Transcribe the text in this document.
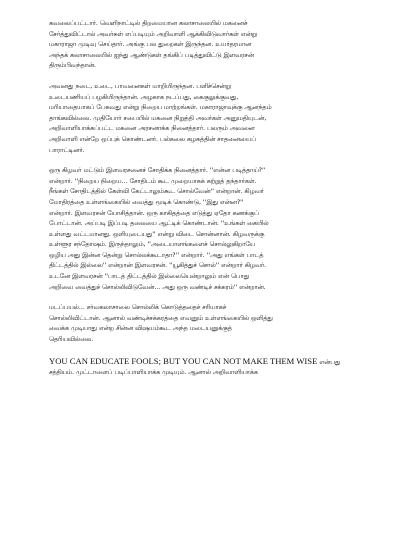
கவலைப்பட்டார். வெளிநாட்டில் திறமையான கலாசாலையில் மகனைச்
சேர்த்துவிட்டால் அவர்கள் எப்படியும் அறிவாளி ஆக்கிவிடுவார்கள் என்று
மகாராஜா முடிவு செய்தார். அங்கு பல துறைகள் இருந்தன. உயர்தரமான
அந்தக் கலாசாலையில் ஐந்து ஆண்டுகள் தங்கிப் படித்துவிட்டு இளவரசன்
திரும்பிவந்தான்.

அவனது நடை, உடை, பாவனைகள் மாறியிருந்தன. பளிச்சென்று
உடையணியப் பழகியிருந்தான். அழகாக நடப்பது, கைகுலுக்குவது,
மரியாதையாகப் பேசுவது என்று நிறைய மாற்றங்கள். மகாராஜாவுக்கு ஆனந்தம்
தாங்கவில்லை. முதியோர் சபையில் மகனை நிறுத்தி அவர்கள் அனுமதியுடன்,
அறிவாளியாக்கப்பட்ட மகனை அரசனாக்க நினைத்தார். பலரும் அவனை
அறிவாளி என்றே ஒப்புக் கொண்டனர். பல்கலை கழகத்தின் சாதனையைப்
பாராட்டினர்.

ஒரு கிழவர் மட்டும் இளவரசனைச் சோதிக்க நினைத்தார். ''என்ன படித்தாய்?''
என்றார். ''நிறைய நிறைய... சோதிடம் கூட முறையாகக் கற்றுத் தந்தார்கள்.
நீங்கள் சோதிடத்தில் கேள்வி கேட்டாலும்கூட சொல்வேன்'' என்றான். கிழவர்
மோதிரத்தை உள்ளங்கையில் வைத்து மூடிக் கொண்டு, ''இது என்ன?''
என்றார். இளவரசன் யோசித்தான். ஒரு காகிதத்தை எடுத்து ஏதோ கணக்குப்
போட்டான். அப்படி இப்படி தலையை ஆட்டிக் கொண்டான். ''உங்கள் கையில்
உள்ளது வட்டமானது. ஒளியுடையது'' என்று விடை சொன்னான். கிழவருக்கு
உள்ளூர சந்தோஷம். இருந்தாலும், ''அடையாளங்களைச் சொல்லுகிறாயே
ஒழிய அது இன்ன தென்று சொல்லக்கூடாதா?'' என்றார். ''அது எங்கள் பாடத்
திட்டத்தில் இல்லை'' என்றான் இளவரசன். ''யூகித்துச் சொல்'' என்றார் கிழவர்.
உடனே இளவரசன் ''பாடத் திட்டத்தில் இல்லையென்றாலும் என் பொது
அறிவை வைத்துச் சொல்லிவிடுவேன்... அது ஒரு வண்டிச் சக்கரம்'' என்றான்.

மடப்பயல்... சர்வகலாசாலை சொல்லிக் கொடுத்ததைச் சரியாகச்
சொல்லிவிட்டான். ஆனால் வண்டிச்சக்கரத்தை எவனும் உள்ளங்கையில் ஒளித்து
வைக்க முடியாது என்ற சின்ன விஷயம்கூட அந்த மடையனுக்குத்
தெரியவில்லை.

YOU CAN EDUCATE FOOLS; BUT YOU CAN NOT MAKE THEM WISE என்பது
சத்தியம். முட்டாளைப் படிப்பாளியாக்க முடியும். ஆனால் அறிவாளியாக்க
